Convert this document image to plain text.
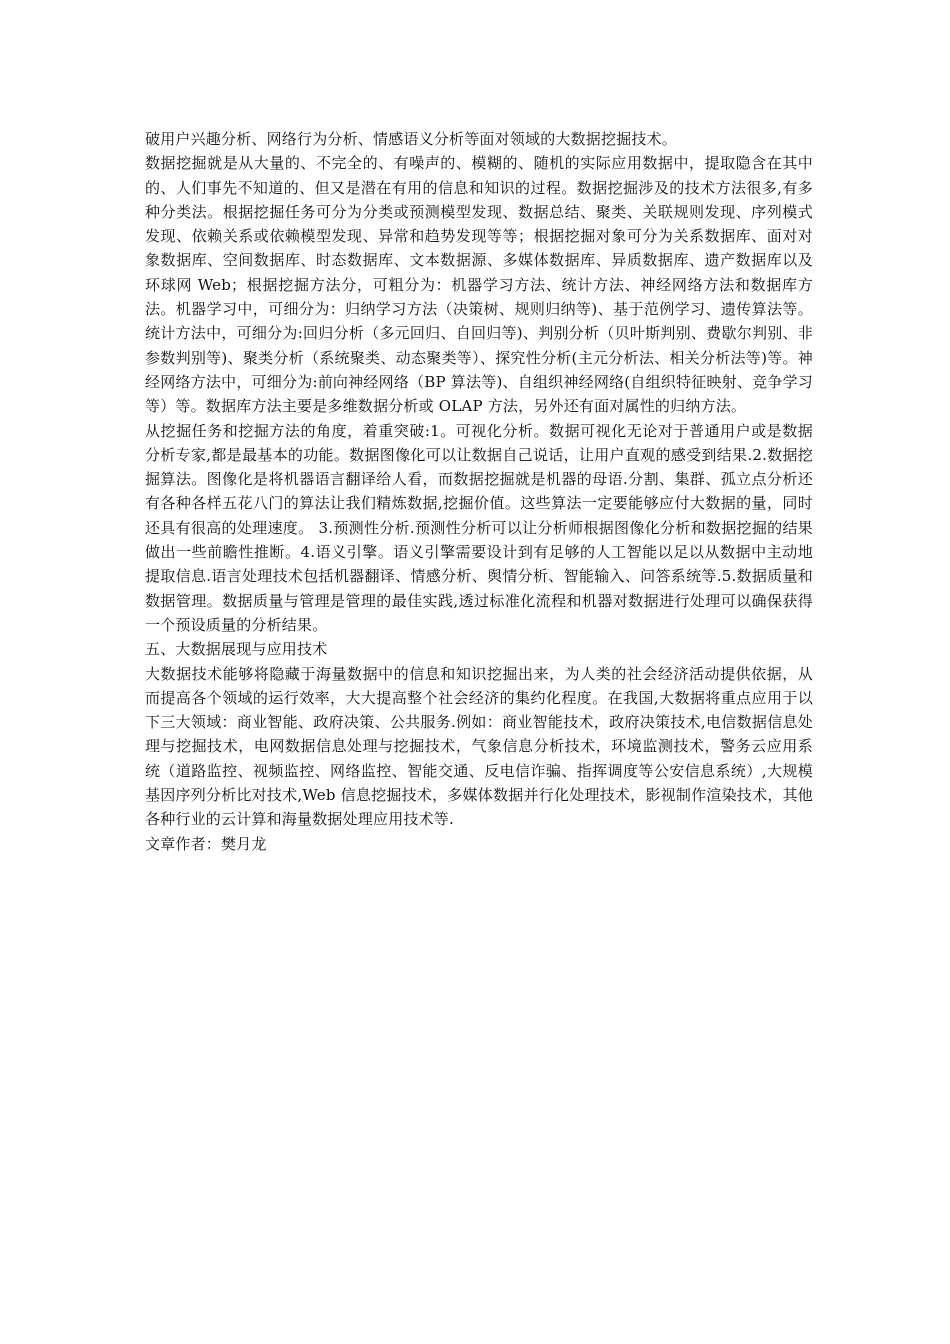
破用户兴趣分析、网络行为分析、情感语义分析等面对领域的大数据挖掘技术。

数据挖掘就是从大量的、不完全的、有噪声的、模糊的、随机的实际应用数据中，提取隐含在其中的、人们事先不知道的、但又是潜在有用的信息和知识的过程。数据挖掘涉及的技术方法很多,有多种分类法。根据挖掘任务可分为分类或预测模型发现、数据总结、聚类、关联规则发现、序列模式发现、依赖关系或依赖模型发现、异常和趋势发现等等；根据挖掘对象可分为关系数据库、面对对象数据库、空间数据库、时态数据库、文本数据源、多媒体数据库、异质数据库、遗产数据库以及环球网 Web；根据挖掘方法分，可粗分为：机器学习方法、统计方法、神经网络方法和数据库方法。机器学习中，可细分为：归纳学习方法（决策树、规则归纳等)、基于范例学习、遗传算法等。统计方法中，可细分为:回归分析（多元回归、自回归等)、判别分析（贝叶斯判别、费歇尔判别、非参数判别等)、聚类分析（系统聚类、动态聚类等）、探究性分析(主元分析法、相关分析法等)等。神经网络方法中，可细分为:前向神经网络（BP 算法等)、自组织神经网络(自组织特征映射、竞争学习等）等。数据库方法主要是多维数据分析或 OLAP 方法，另外还有面对属性的归纳方法。

从挖掘任务和挖掘方法的角度，着重突破:1。可视化分析。数据可视化无论对于普通用户或是数据分析专家,都是最基本的功能。数据图像化可以让数据自己说话，让用户直观的感受到结果.2.数据挖掘算法。图像化是将机器语言翻译给人看，而数据挖掘就是机器的母语.分割、集群、孤立点分析还有各种各样五花八门的算法让我们精炼数据,挖掘价值。这些算法一定要能够应付大数据的量，同时还具有很高的处理速度。 3.预测性分析.预测性分析可以让分析师根据图像化分析和数据挖掘的结果做出一些前瞻性推断。4.语义引擎。语义引擎需要设计到有足够的人工智能以足以从数据中主动地提取信息.语言处理技术包括机器翻译、情感分析、舆情分析、智能输入、问答系统等.5.数据质量和数据管理。数据质量与管理是管理的最佳实践,透过标准化流程和机器对数据进行处理可以确保获得一个预设质量的分析结果。

五、大数据展现与应用技术

大数据技术能够将隐藏于海量数据中的信息和知识挖掘出来，为人类的社会经济活动提供依据，从而提高各个领域的运行效率，大大提高整个社会经济的集约化程度。在我国,大数据将重点应用于以下三大领域：商业智能、政府决策、公共服务.例如：商业智能技术，政府决策技术,电信数据信息处理与挖掘技术，电网数据信息处理与挖掘技术，气象信息分析技术，环境监测技术，警务云应用系统（道路监控、视频监控、网络监控、智能交通、反电信诈骗、指挥调度等公安信息系统）,大规模基因序列分析比对技术,Web 信息挖掘技术，多媒体数据并行化处理技术，影视制作渲染技术，其他各种行业的云计算和海量数据处理应用技术等.

文章作者：樊月龙
